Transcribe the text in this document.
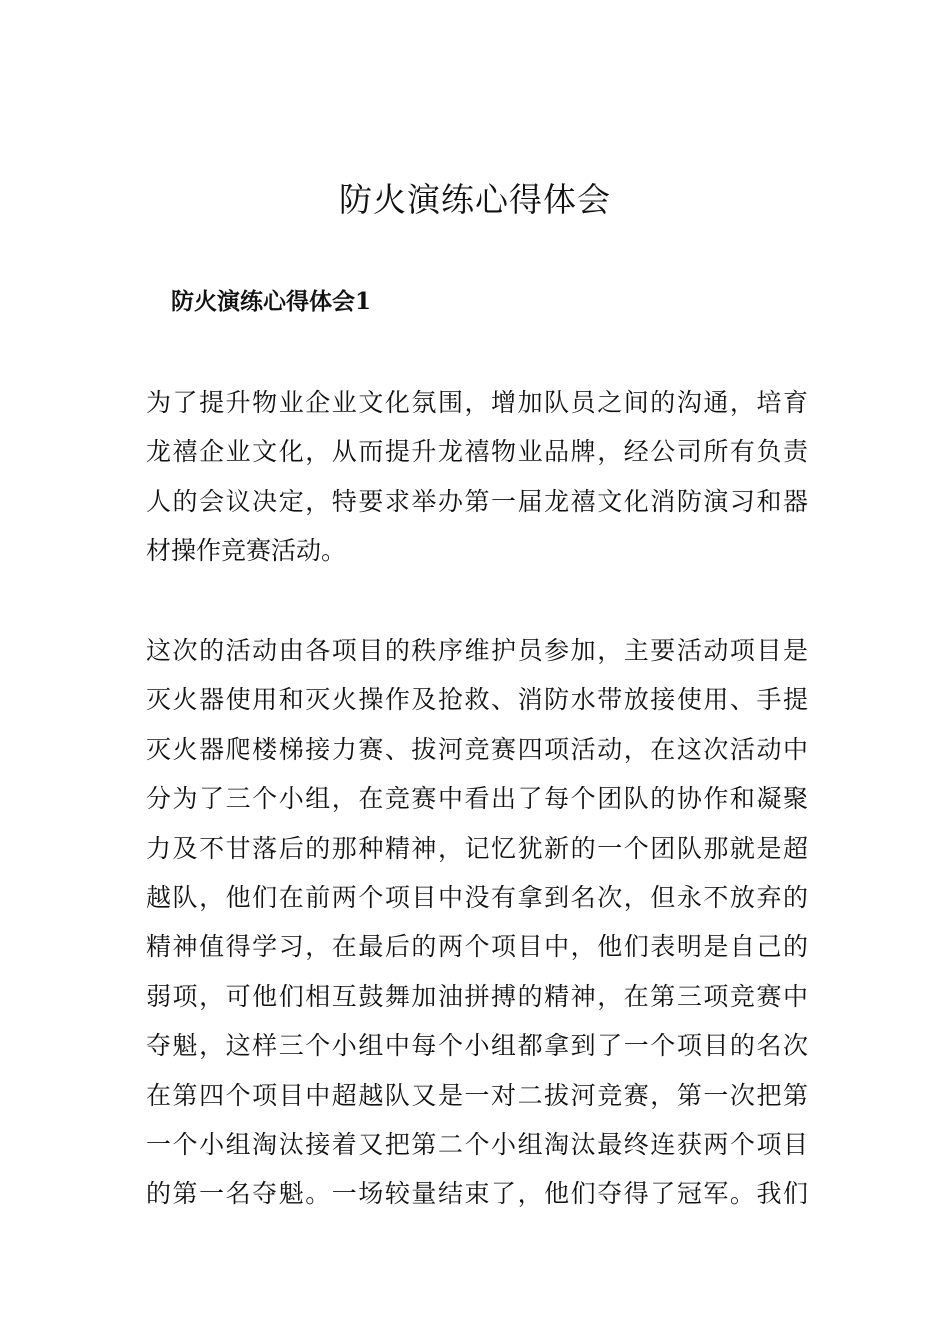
防火演练心得体会
防火演练心得体会1

为了提升物业企业文化氛围，增加队员之间的沟通，培育
龙禧企业文化，从而提升龙禧物业品牌，经公司所有负责
人的会议决定，特要求举办第一届龙禧文化消防演习和器
材操作竞赛活动。

这次的活动由各项目的秩序维护员参加，主要活动项目是
灭火器使用和灭火操作及抢救、消防水带放接使用、手提
灭火器爬楼梯接力赛、拔河竞赛四项活动，在这次活动中
分为了三个小组，在竞赛中看出了每个团队的协作和凝聚
力及不甘落后的那种精神，记忆犹新的一个团队那就是超
越队，他们在前两个项目中没有拿到名次，但永不放弃的
精神值得学习，在最后的两个项目中，他们表明是自己的
弱项，可他们相互鼓舞加油拼搏的精神，在第三项竞赛中
夺魁，这样三个小组中每个小组都拿到了一个项目的名次
在第四个项目中超越队又是一对二拔河竞赛，第一次把第
一个小组淘汰接着又把第二个小组淘汰最终连获两个项目
的第一名夺魁。一场较量结束了，他们夺得了冠军。我们
